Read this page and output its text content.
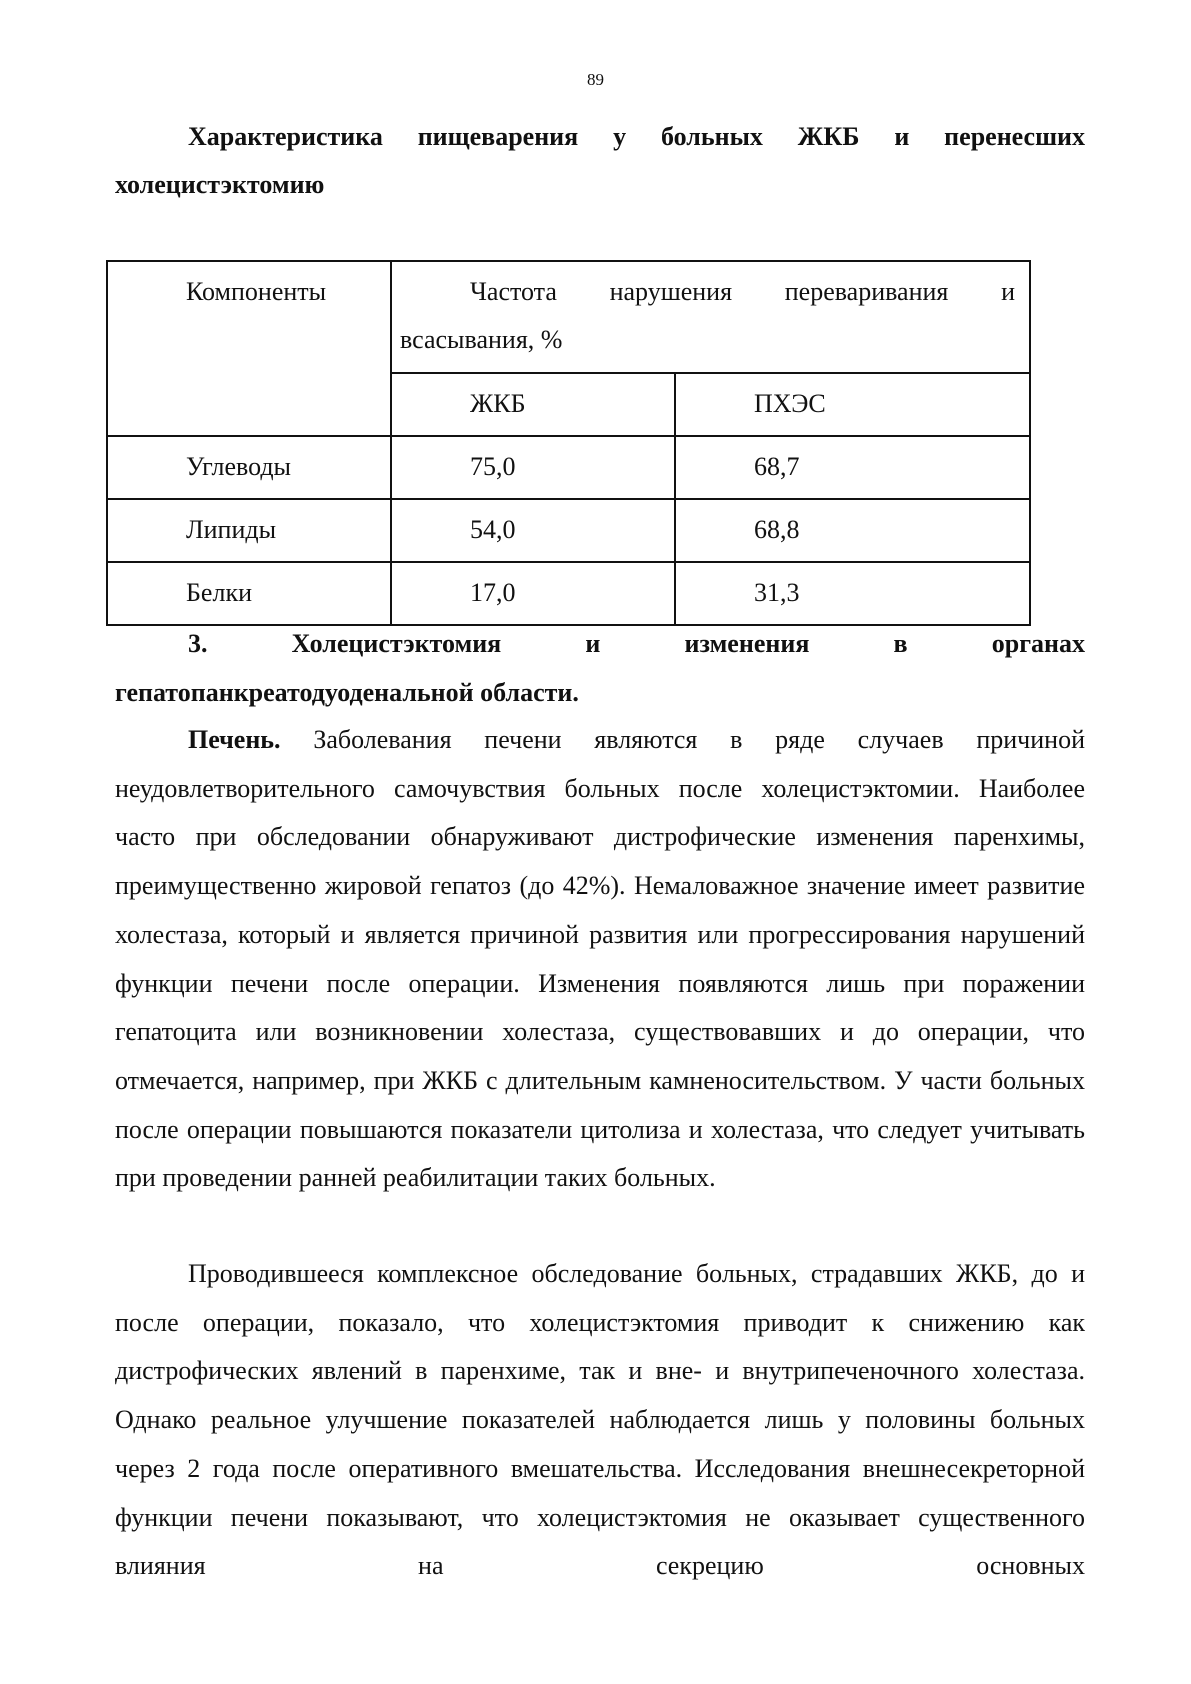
89
Характеристика пищеварения у больных ЖКБ и перенесших
холецистэктомию
Компоненты	Частота нарушения переваривания и
всасывания, %	

	ЖКБ	ПХЭС

Углеводы	75,0	68,7

Липиды	54,0	68,8

Белки	17,0	31,3
3. Холецистэктомия и изменения в органах
гепатопанкреатодуоденальной области.

Печень. Заболевания печени являются в ряде случаев причиной неудовлетворительного самочувствия больных после холецистэктомии. Наиболее часто при обследовании обнаруживают дистрофические изменения паренхимы, преимущественно жировой гепатоз (до 42%). Немаловажное значение имеет развитие холестаза, который и является причиной развития или прогрессирования нарушений функции печени после операции. Изменения появляются лишь при поражении гепатоцита или возникновении холестаза, существовавших и до операции, что отмечается, например, при ЖКБ с длительным камненосительством. У части больных после операции повышаются показатели цитолиза и холестаза, что следует учитывать при проведении ранней реабилитации таких больных.

Проводившееся комплексное обследование больных, страдавших ЖКБ, до и после операции, показало, что холецистэктомия приводит к снижению как дистрофических явлений в паренхиме, так и вне- и внутрипеченочного холестаза. Однако реальное улучшение показателей наблюдается лишь у половины больных через 2 года после оперативного вмешательства. Исследования внешнесекреторной функции печени показывают, что холецистэктомия не оказывает существенного влияния на секрецию основных
